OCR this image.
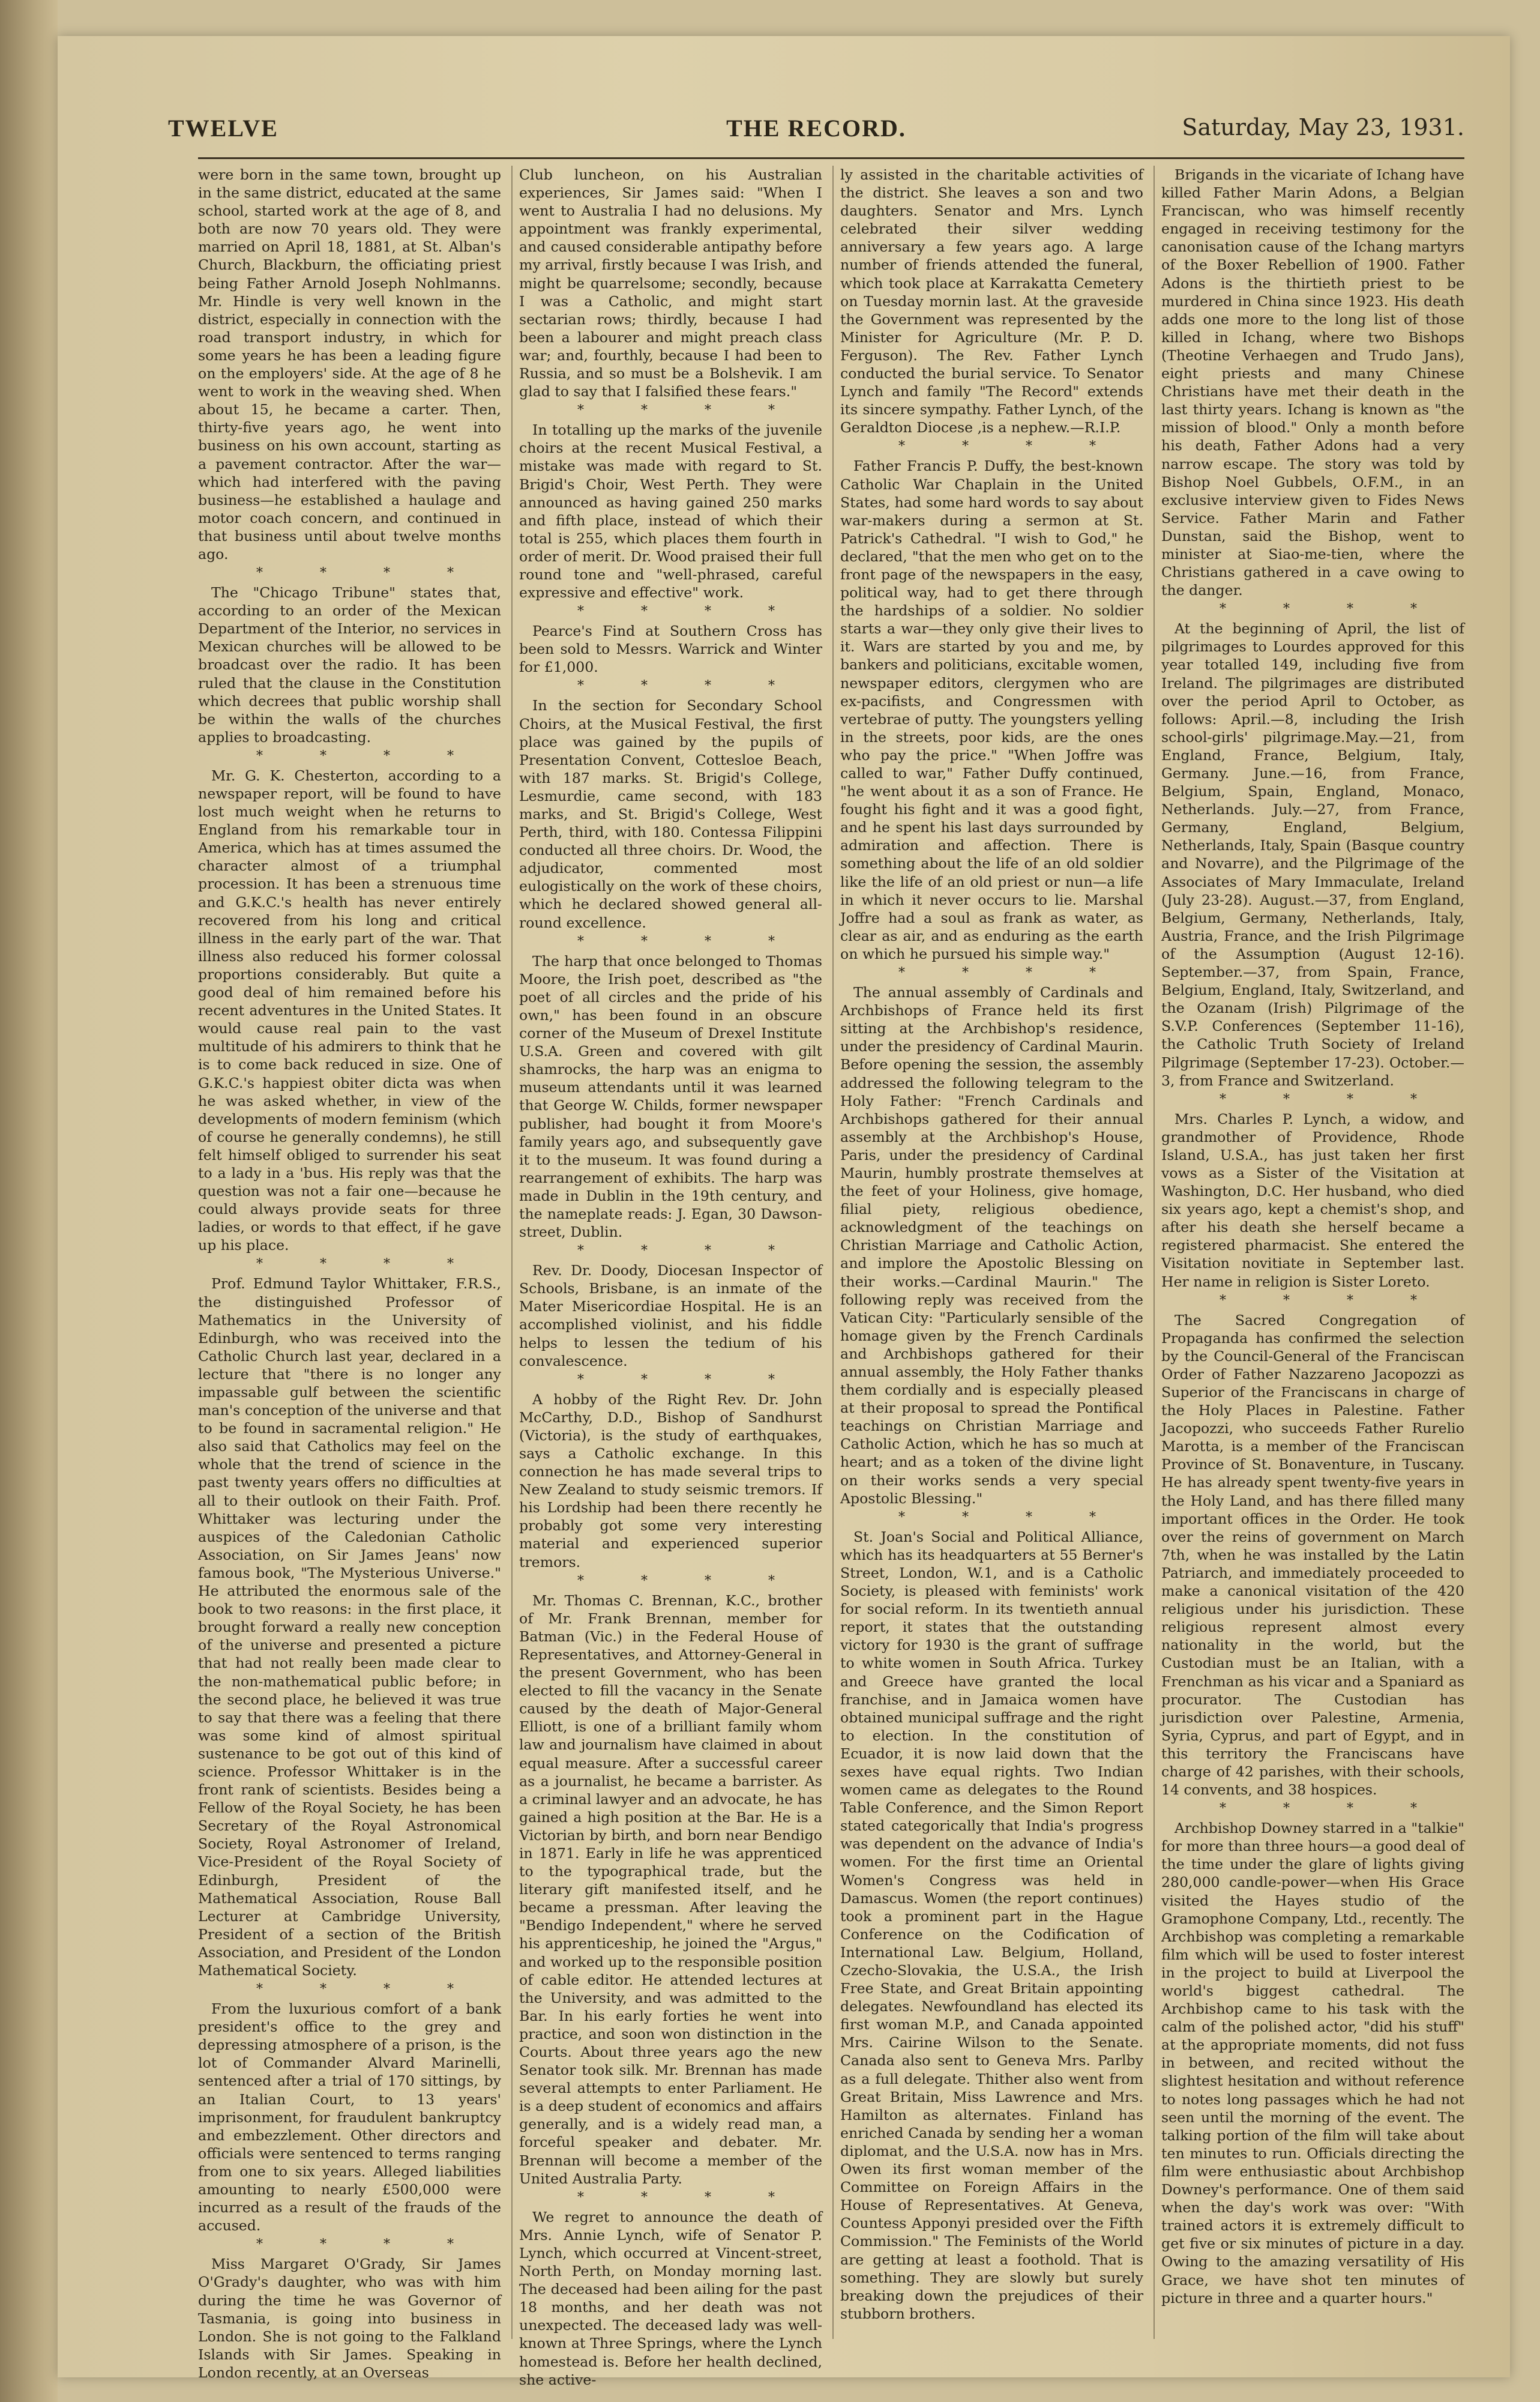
TWELVE	THE RECORD.	Saturday, May 23, 1931.

were born in the same town, brought up in the same district, educated at the same school, started work at the age of 8, and both are now 70 years old. They were married on April 18, 1881, at St. Alban's Church, Blackburn, the officiating priest being Father Arnold Joseph Nohlmanns. Mr. Hindle is very well known in the district, especially in connection with the road transport industry, in which for some years he has been a leading figure on the employers' side. At the age of 8 he went to work in the weaving shed. When about 15, he became a carter. Then, thirty-five years ago, he went into business on his own account, starting as a pavement contractor. After the war—which had interfered with the paving business—he established a haulage and motor coach concern, and continued in that business until about twelve months ago.

* * * *

The "Chicago Tribune" states that, according to an order of the Mexican Department of the Interior, no services in Mexican churches will be allowed to be broadcast over the radio. It has been ruled that the clause in the Constitution which decrees that public worship shall be within the walls of the churches applies to broadcasting.

* * * *

Mr. G. K. Chesterton, according to a newspaper report, will be found to have lost much weight when he returns to England from his remarkable tour in America, which has at times assumed the character almost of a triumphal procession. It has been a strenuous time and G.K.C.'s health has never entirely recovered from his long and critical illness in the early part of the war. That illness also reduced his former colossal proportions considerably. But quite a good deal of him remained before his recent adventures in the United States. It would cause real pain to the vast multitude of his admirers to think that he is to come back reduced in size. One of G.K.C.'s happiest obiter dicta was when he was asked whether, in view of the developments of modern feminism (which of course he generally condemns), he still felt himself obliged to surrender his seat to a lady in a 'bus. His reply was that the question was not a fair one—because he could always provide seats for three ladies, or words to that effect, if he gave up his place.

* * * *

Prof. Edmund Taylor Whittaker, F.R.S., the distinguished Professor of Mathematics in the University of Edinburgh, who was received into the Catholic Church last year, declared in a lecture that "there is no longer any impassable gulf between the scientific man's conception of the universe and that to be found in sacramental religion." He also said that Catholics may feel on the whole that the trend of science in the past twenty years offers no difficulties at all to their outlook on their Faith. Prof. Whittaker was lecturing under the auspices of the Caledonian Catholic Association, on Sir James Jeans' now famous book, "The Mysterious Universe." He attributed the enormous sale of the book to two reasons: in the first place, it brought forward a really new conception of the universe and presented a picture that had not really been made clear to the non-mathematical public before; in the second place, he believed it was true to say that there was a feeling that there was some kind of almost spiritual sustenance to be got out of this kind of science. Professor Whittaker is in the front rank of scientists. Besides being a Fellow of the Royal Society, he has been Secretary of the Royal Astronomical Society, Royal Astronomer of Ireland, Vice-President of the Royal Society of Edinburgh, President of the Mathematical Association, Rouse Ball Lecturer at Cambridge University, President of a section of the British Association, and President of the London Mathematical Society.

* * * *

From the luxurious comfort of a bank president's office to the grey and depressing atmosphere of a prison, is the lot of Commander Alvard Marinelli, sentenced after a trial of 170 sittings, by an Italian Court, to 13 years' imprisonment, for fraudulent bankruptcy and embezzlement. Other directors and officials were sentenced to terms ranging from one to six years. Alleged liabilities amounting to nearly £500,000 were incurred as a result of the frauds of the accused.

* * * *

Miss Margaret O'Grady, Sir James O'Grady's daughter, who was with him during the time he was Governor of Tasmania, is going into business in London. She is not going to the Falkland Islands with Sir James. Speaking in London recently, at an Overseas

Club luncheon, on his Australian experiences, Sir James said: "When I went to Australia I had no delusions. My appointment was frankly experimental, and caused considerable antipathy before my arrival, firstly because I was Irish, and might be quarrelsome; secondly, because I was a Catholic, and might start sectarian rows; thirdly, because I had been a labourer and might preach class war; and, fourthly, because I had been to Russia, and so must be a Bolshevik. I am glad to say that I falsified these fears."

* * * *

In totalling up the marks of the juvenile choirs at the recent Musical Festival, a mistake was made with regard to St. Brigid's Choir, West Perth. They were announced as having gained 250 marks and fifth place, instead of which their total is 255, which places them fourth in order of merit. Dr. Wood praised their full round tone and "well-phrased, careful expressive and effective" work.

* * * *

Pearce's Find at Southern Cross has been sold to Messrs. Warrick and Winter for £1,000.

* * * *

In the section for Secondary School Choirs, at the Musical Festival, the first place was gained by the pupils of Presentation Convent, Cottesloe Beach, with 187 marks. St. Brigid's College, Lesmurdie, came second, with 183 marks, and St. Brigid's College, West Perth, third, with 180. Contessa Filippini conducted all three choirs. Dr. Wood, the adjudicator, commented most eulogistically on the work of these choirs, which he declared showed general all-round excellence.

* * * *

The harp that once belonged to Thomas Moore, the Irish poet, described as "the poet of all circles and the pride of his own," has been found in an obscure corner of the Museum of Drexel Institute U.S.A. Green and covered with gilt shamrocks, the harp was an enigma to museum attendants until it was learned that George W. Childs, former newspaper publisher, had bought it from Moore's family years ago, and subsequently gave it to the museum. It was found during a rearrangement of exhibits. The harp was made in Dublin in the 19th century, and the nameplate reads: J. Egan, 30 Dawson-street, Dublin.

* * * *

Rev. Dr. Doody, Diocesan Inspector of Schools, Brisbane, is an inmate of the Mater Misericordiae Hospital. He is an accomplished violinist, and his fiddle helps to lessen the tedium of his convalescence.

* * * *

A hobby of the Right Rev. Dr. John McCarthy, D.D., Bishop of Sandhurst (Victoria), is the study of earthquakes, says a Catholic exchange. In this connection he has made several trips to New Zealand to study seismic tremors. If his Lordship had been there recently he probably got some very interesting material and experienced superior tremors.

* * * *

Mr. Thomas C. Brennan, K.C., brother of Mr. Frank Brennan, member for Batman (Vic.) in the Federal House of Representatives, and Attorney-General in the present Government, who has been elected to fill the vacancy in the Senate caused by the death of Major-General Elliott, is one of a brilliant family whom law and journalism have claimed in about equal measure. After a successful career as a journalist, he became a barrister. As a criminal lawyer and an advocate, he has gained a high position at the Bar. He is a Victorian by birth, and born near Bendigo in 1871. Early in life he was apprenticed to the typographical trade, but the literary gift manifested itself, and he became a pressman. After leaving the "Bendigo Independent," where he served his apprenticeship, he joined the "Argus," and worked up to the responsible position of cable editor. He attended lectures at the University, and was admitted to the Bar. In his early forties he went into practice, and soon won distinction in the Courts. About three years ago the new Senator took silk. Mr. Brennan has made several attempts to enter Parliament. He is a deep student of economics and affairs generally, and is a widely read man, a forceful speaker and debater. Mr. Brennan will become a member of the United Australia Party.

* * * *

We regret to announce the death of Mrs. Annie Lynch, wife of Senator P. Lynch, which occurred at Vincent-street, North Perth, on Monday morning last. The deceased had been ailing for the past 18 months, and her death was not unexpected. The deceased lady was well-known at Three Springs, where the Lynch homestead is. Before her health declined, she active-

ly assisted in the charitable activities of the district. She leaves a son and two daughters. Senator and Mrs. Lynch celebrated their silver wedding anniversary a few years ago. A large number of friends attended the funeral, which took place at Karrakatta Cemetery on Tuesday mornin last. At the graveside the Government was represented by the Minister for Agriculture (Mr. P. D. Ferguson). The Rev. Father Lynch conducted the burial service. To Senator Lynch and family "The Record" extends its sincere sympathy. Father Lynch, of the Geraldton Diocese ,is a nephew.—R.I.P.

* * * *

Father Francis P. Duffy, the best-known Catholic War Chaplain in the United States, had some hard words to say about war-makers during a sermon at St. Patrick's Cathedral. "I wish to God," he declared, "that the men who get on to the front page of the newspapers in the easy, political way, had to get there through the hardships of a soldier. No soldier starts a war—they only give their lives to it. Wars are started by you and me, by bankers and politicians, excitable women, newspaper editors, clergymen who are ex-pacifists, and Congressmen with vertebrae of putty. The youngsters yelling in the streets, poor kids, are the ones who pay the price." "When Joffre was called to war," Father Duffy continued, "he went about it as a son of France. He fought his fight and it was a good fight, and he spent his last days surrounded by admiration and affection. There is something about the life of an old soldier like the life of an old priest or nun—a life in which it never occurs to lie. Marshal Joffre had a soul as frank as water, as clear as air, and as enduring as the earth on which he pursued his simple way."

* * * *

The annual assembly of Cardinals and Archbishops of France held its first sitting at the Archbishop's residence, under the presidency of Cardinal Maurin. Before opening the session, the assembly addressed the following telegram to the Holy Father: "French Cardinals and Archbishops gathered for their annual assembly at the Archbishop's House, Paris, under the presidency of Cardinal Maurin, humbly prostrate themselves at the feet of your Holiness, give homage, filial piety, religious obedience, acknowledgment of the teachings on Christian Marriage and Catholic Action, and implore the Apostolic Blessing on their works.—Cardinal Maurin." The following reply was received from the Vatican City: "Particularly sensible of the homage given by the French Cardinals and Archbishops gathered for their annual assembly, the Holy Father thanks them cordially and is especially pleased at their proposal to spread the Pontifical teachings on Christian Marriage and Catholic Action, which he has so much at heart; and as a token of the divine light on their works sends a very special Apostolic Blessing."

* * * *

St. Joan's Social and Political Alliance, which has its headquarters at 55 Berner's Street, London, W.1, and is a Catholic Society, is pleased with feminists' work for social reform. In its twentieth annual report, it states that the outstanding victory for 1930 is the grant of suffrage to white women in South Africa. Turkey and Greece have granted the local franchise, and in Jamaica women have obtained municipal suffrage and the right to election. In the constitution of Ecuador, it is now laid down that the sexes have equal rights. Two Indian women came as delegates to the Round Table Conference, and the Simon Report stated categorically that India's progress was dependent on the advance of India's women. For the first time an Oriental Women's Congress was held in Damascus. Women (the report continues) took a prominent part in the Hague Conference on the Codification of International Law. Belgium, Holland, Czecho-Slovakia, the U.S.A., the Irish Free State, and Great Britain appointing delegates. Newfoundland has elected its first woman M.P., and Canada appointed Mrs. Cairine Wilson to the Senate. Canada also sent to Geneva Mrs. Parlby as a full delegate. Thither also went from Great Britain, Miss Lawrence and Mrs. Hamilton as alternates. Finland has enriched Canada by sending her a woman diplomat, and the U.S.A. now has in Mrs. Owen its first woman member of the Committee on Foreign Affairs in the House of Representatives. At Geneva, Countess Apponyi presided over the Fifth Commission." The Feminists of the World are getting at least a foothold. That is something. They are slowly but surely breaking down the prejudices of their stubborn brothers.

Brigands in the vicariate of Ichang have killed Father Marin Adons, a Belgian Franciscan, who was himself recently engaged in receiving testimony for the canonisation cause of the Ichang martyrs of the Boxer Rebellion of 1900. Father Adons is the thirtieth priest to be murdered in China since 1923. His death adds one more to the long list of those killed in Ichang, where two Bishops (Theotine Verhaegen and Trudo Jans), eight priests and many Chinese Christians have met their death in the last thirty years. Ichang is known as "the mission of blood." Only a month before his death, Father Adons had a very narrow escape. The story was told by Bishop Noel Gubbels, O.F.M., in an exclusive interview given to Fides News Service. Father Marin and Father Dunstan, said the Bishop, went to minister at Siao-me-tien, where the Christians gathered in a cave owing to the danger.

* * * *

At the beginning of April, the list of pilgrimages to Lourdes approved for this year totalled 149, including five from Ireland. The pilgrimages are distributed over the period April to October, as follows: April.—8, including the Irish school-girls' pilgrimage.May.—21, from England, France, Belgium, Italy, Germany. June.—16, from France, Belgium, Spain, England, Monaco, Netherlands. July.—27, from France, Germany, England, Belgium, Netherlands, Italy, Spain (Basque country and Novarre), and the Pilgrimage of the Associates of Mary Immaculate, Ireland (July 23-28). August.—37, from England, Belgium, Germany, Netherlands, Italy, Austria, France, and the Irish Pilgrimage of the Assumption (August 12-16). September.—37, from Spain, France, Belgium, England, Italy, Switzerland, and the Ozanam (Irish) Pilgrimage of the S.V.P. Conferences (September 11-16), the Catholic Truth Society of Ireland Pilgrimage (September 17-23). October.—3, from France and Switzerland.

* * * *

Mrs. Charles P. Lynch, a widow, and grandmother of Providence, Rhode Island, U.S.A., has just taken her first vows as a Sister of the Visitation at Washington, D.C. Her husband, who died six years ago, kept a chemist's shop, and after his death she herself became a registered pharmacist. She entered the Visitation novitiate in September last. Her name in religion is Sister Loreto.

* * * *

The Sacred Congregation of Propaganda has confirmed the selection by the Council-General of the Franciscan Order of Father Nazzareno Jacopozzi as Superior of the Franciscans in charge of the Holy Places in Palestine. Father Jacopozzi, who succeeds Father Rurelio Marotta, is a member of the Franciscan Province of St. Bonaventure, in Tuscany. He has already spent twenty-five years in the Holy Land, and has there filled many important offices in the Order. He took over the reins of government on March 7th, when he was installed by the Latin Patriarch, and immediately proceeded to make a canonical visitation of the 420 religious under his jurisdiction. These religious represent almost every nationality in the world, but the Custodian must be an Italian, with a Frenchman as his vicar and a Spaniard as procurator. The Custodian has jurisdiction over Palestine, Armenia, Syria, Cyprus, and part of Egypt, and in this territory the Franciscans have charge of 42 parishes, with their schools, 14 convents, and 38 hospices.

* * * *

Archbishop Downey starred in a "talkie" for more than three hours—a good deal of the time under the glare of lights giving 280,000 candle-power—when His Grace visited the Hayes studio of the Gramophone Company, Ltd., recently. The Archbishop was completing a remarkable film which will be used to foster interest in the project to build at Liverpool the world's biggest cathedral. The Archbishop came to his task with the calm of the polished actor, "did his stuff" at the appropriate moments, did not fuss in between, and recited without the slightest hesitation and without reference to notes long passages which he had not seen until the morning of the event. The talking portion of the film will take about ten minutes to run. Officials directing the film were enthusiastic about Archbishop Downey's performance. One of them said when the day's work was over: "With trained actors it is extremely difficult to get five or six minutes of picture in a day. Owing to the amazing versatility of His Grace, we have shot ten minutes of picture in three and a quarter hours."
